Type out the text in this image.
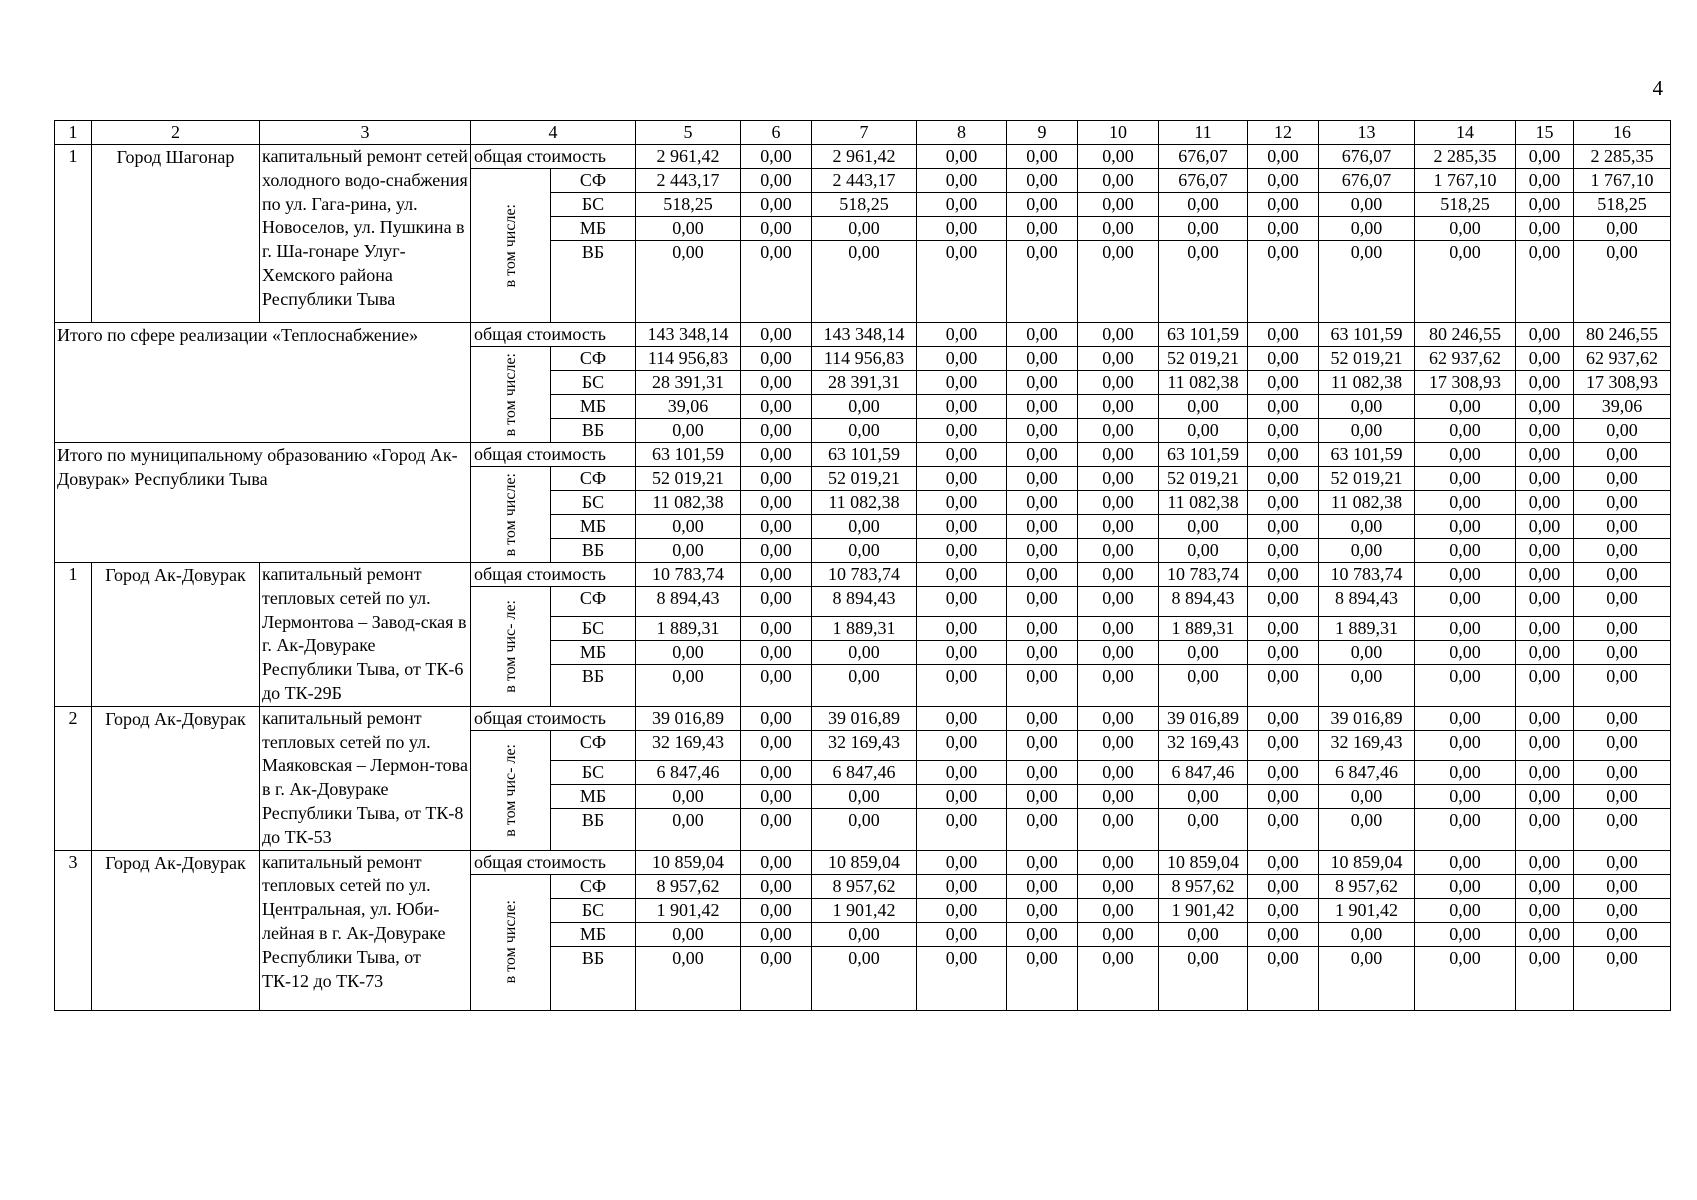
4
1	2	3	4		5	6	7	8	9	10	11	12	13	14	15	16
1	Город Шагонар	капитальный ремонт сетей холодного водо-снабжения по ул. Гага-рина, ул. Новоселов, ул. Пушкина в г. Ша-гонаре Улуг-Хемского района Республики Тыва	общая стоимость		2 961,42	0,00	2 961,42	0,00	0,00	0,00	676,07	0,00	676,07	2 285,35	0,00	2 285,35

			в том числе:	СФ	2 443,17	0,00	2 443,17	0,00	0,00	0,00	676,07	0,00	676,07	1 767,10	0,00	1 767,10
				БС	518,25	0,00	518,25	0,00	0,00	0,00	0,00	0,00	0,00	518,25	0,00	518,25
				МБ	0,00	0,00	0,00	0,00	0,00	0,00	0,00	0,00	0,00	0,00	0,00	0,00
				ВБ	0,00	0,00	0,00	0,00	0,00	0,00	0,00	0,00	0,00	0,00	0,00	0,00
Итого по сфере реализации «Теплоснабжение»			общая стоимость		143 348,14	0,00	143 348,14	0,00	0,00	0,00	63 101,59	0,00	63 101,59	80 246,55	0,00	80 246,55

			в том числе:	СФ	114 956,83	0,00	114 956,83	0,00	0,00	0,00	52 019,21	0,00	52 019,21	62 937,62	0,00	62 937,62
				БС	28 391,31	0,00	28 391,31	0,00	0,00	0,00	11 082,38	0,00	11 082,38	17 308,93	0,00	17 308,93
				МБ	39,06	0,00	0,00	0,00	0,00	0,00	0,00	0,00	0,00	0,00	0,00	39,06
				ВБ	0,00	0,00	0,00	0,00	0,00	0,00	0,00	0,00	0,00	0,00	0,00	0,00
Итого по муниципальному образованию «Город Ак-Довурак» Республики Тыва			общая стоимость		63 101,59	0,00	63 101,59	0,00	0,00	0,00	63 101,59	0,00	63 101,59	0,00	0,00	0,00

			в том числе:	СФ	52 019,21	0,00	52 019,21	0,00	0,00	0,00	52 019,21	0,00	52 019,21	0,00	0,00	0,00
				БС	11 082,38	0,00	11 082,38	0,00	0,00	0,00	11 082,38	0,00	11 082,38	0,00	0,00	0,00
				МБ	0,00	0,00	0,00	0,00	0,00	0,00	0,00	0,00	0,00	0,00	0,00	0,00
				ВБ	0,00	0,00	0,00	0,00	0,00	0,00	0,00	0,00	0,00	0,00	0,00	0,00
1	Город Ак-Довурак	капитальный ремонт тепловых сетей по ул. Лермонтова – Завод-ская в г. Ак-Довураке Республики Тыва, от ТК-6 до ТК-29Б	общая стоимость		10 783,74	0,00	10 783,74	0,00	0,00	0,00	10 783,74	0,00	10 783,74	0,00	0,00	0,00

			в том чис- ле:	СФ	8 894,43	0,00	8 894,43	0,00	0,00	0,00	8 894,43	0,00	8 894,43	0,00	0,00	0,00
				БС	1 889,31	0,00	1 889,31	0,00	0,00	0,00	1 889,31	0,00	1 889,31	0,00	0,00	0,00
				МБ	0,00	0,00	0,00	0,00	0,00	0,00	0,00	0,00	0,00	0,00	0,00	0,00
				ВБ	0,00	0,00	0,00	0,00	0,00	0,00	0,00	0,00	0,00	0,00	0,00	0,00
2	Город Ак-Довурак	капитальный ремонт тепловых сетей по ул. Маяковская – Лермон-това в г. Ак-Довураке Республики Тыва, от ТК-8 до ТК-53	общая стоимость		39 016,89	0,00	39 016,89	0,00	0,00	0,00	39 016,89	0,00	39 016,89	0,00	0,00	0,00

			в том чис- ле:	СФ	32 169,43	0,00	32 169,43	0,00	0,00	0,00	32 169,43	0,00	32 169,43	0,00	0,00	0,00
				БС	6 847,46	0,00	6 847,46	0,00	0,00	0,00	6 847,46	0,00	6 847,46	0,00	0,00	0,00
				МБ	0,00	0,00	0,00	0,00	0,00	0,00	0,00	0,00	0,00	0,00	0,00	0,00
				ВБ	0,00	0,00	0,00	0,00	0,00	0,00	0,00	0,00	0,00	0,00	0,00	0,00
3	Город Ак-Довурак	капитальный ремонт тепловых сетей по ул. Центральная, ул. Юби-лейная в г. Ак-Довураке Республики Тыва, от ТК-12 до ТК-73	общая стоимость		10 859,04	0,00	10 859,04	0,00	0,00	0,00	10 859,04	0,00	10 859,04	0,00	0,00	0,00

			в том числе:	СФ	8 957,62	0,00	8 957,62	0,00	0,00	0,00	8 957,62	0,00	8 957,62	0,00	0,00	0,00
				БС	1 901,42	0,00	1 901,42	0,00	0,00	0,00	1 901,42	0,00	1 901,42	0,00	0,00	0,00
				МБ	0,00	0,00	0,00	0,00	0,00	0,00	0,00	0,00	0,00	0,00	0,00	0,00
				ВБ	0,00	0,00	0,00	0,00	0,00	0,00	0,00	0,00	0,00	0,00	0,00	0,00
